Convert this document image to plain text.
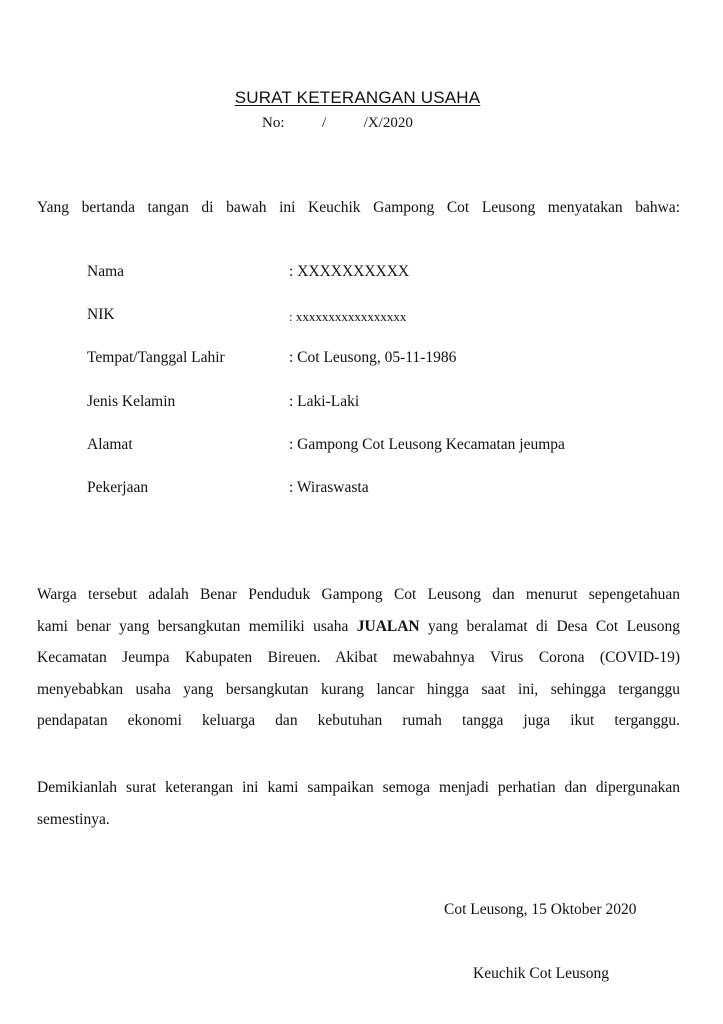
SURAT KETERANGAN USAHA
No:          /          /X/2020
Yang bertanda tangan di bawah ini Keuchik Gampong Cot Leusong menyatakan bahwa:
Nama	: XXXXXXXXXX
NIK	: xxxxxxxxxxxxxxxxx
Tempat/Tanggal Lahir	: Cot Leusong, 05-11-1986
Jenis Kelamin	: Laki-Laki
Alamat	: Gampong Cot Leusong Kecamatan jeumpa
Pekerjaan	: Wiraswasta
Warga tersebut adalah Benar Penduduk Gampong Cot Leusong dan menurut sepengetahuan
kami benar yang bersangkutan memiliki usaha JUALAN yang beralamat di Desa Cot Leusong
Kecamatan Jeumpa Kabupaten Bireuen. Akibat mewabahnya Virus Corona (COVID-19)
menyebabkan usaha yang bersangkutan kurang lancar hingga saat ini, sehingga terganggu
pendapatan ekonomi keluarga dan kebutuhan rumah tangga juga ikut terganggu.
Demikianlah surat keterangan ini kami sampaikan semoga menjadi perhatian dan dipergunakan
semestinya.
Cot Leusong, 15 Oktober 2020
Keuchik Cot Leusong
